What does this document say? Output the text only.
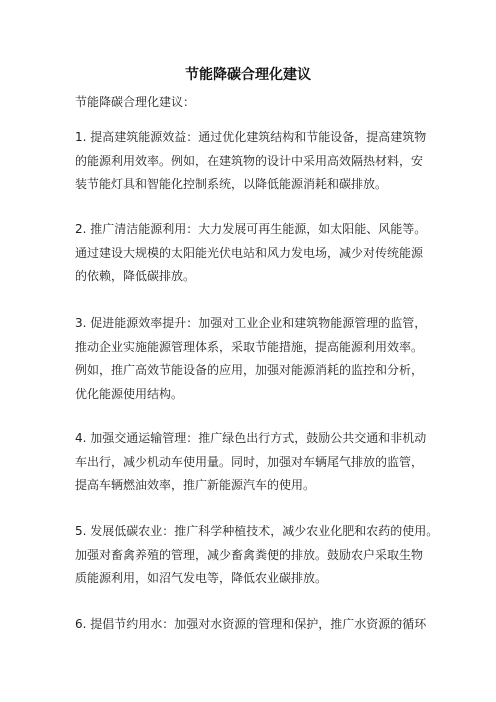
节能降碳合理化建议
节能降碳合理化建议：
1. 提高建筑能源效益：通过优化建筑结构和节能设备，提高建筑物
的能源利用效率。例如，在建筑物的设计中采用高效隔热材料，安
装节能灯具和智能化控制系统，以降低能源消耗和碳排放。
2. 推广清洁能源利用：大力发展可再生能源，如太阳能、风能等。
通过建设大规模的太阳能光伏电站和风力发电场，减少对传统能源
的依赖，降低碳排放。
3. 促进能源效率提升：加强对工业企业和建筑物能源管理的监管，
推动企业实施能源管理体系，采取节能措施，提高能源利用效率。
例如，推广高效节能设备的应用，加强对能源消耗的监控和分析，
优化能源使用结构。
4. 加强交通运输管理：推广绿色出行方式，鼓励公共交通和非机动
车出行，减少机动车使用量。同时，加强对车辆尾气排放的监管，
提高车辆燃油效率，推广新能源汽车的使用。
5. 发展低碳农业：推广科学种植技术，减少农业化肥和农药的使用。
加强对畜禽养殖的管理，减少畜禽粪便的排放。鼓励农户采取生物
质能源利用，如沼气发电等，降低农业碳排放。
6. 提倡节约用水：加强对水资源的管理和保护，推广水资源的循环
